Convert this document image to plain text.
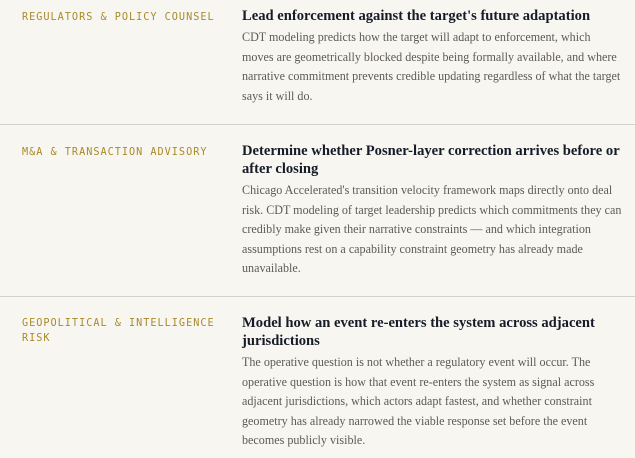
REGULATORS & POLICY COUNSEL	Lead enforcement against the target's future adaptation

CDT modeling predicts how the target will adapt to enforcement, which moves are geometrically blocked despite being formally available, and where narrative commitment prevents credible updating regardless of what the target says it will do.

M&A & TRANSACTION ADVISORY	Determine whether Posner-layer correction arrives before or after closing

Chicago Accelerated's transition velocity framework maps directly onto deal risk. CDT modeling of target leadership predicts which commitments they can credibly make given their narrative constraints — and which integration assumptions rest on a capability constraint geometry has already made unavailable.

GEOPOLITICAL & INTELLIGENCE RISK
Model how an event re-enters the system across adjacent jurisdictions

The operative question is not whether a regulatory event will occur. The operative question is how that event re-enters the system as signal across adjacent jurisdictions, which actors adapt fastest, and whether constraint geometry has already narrowed the viable response set before the event becomes publicly visible.
